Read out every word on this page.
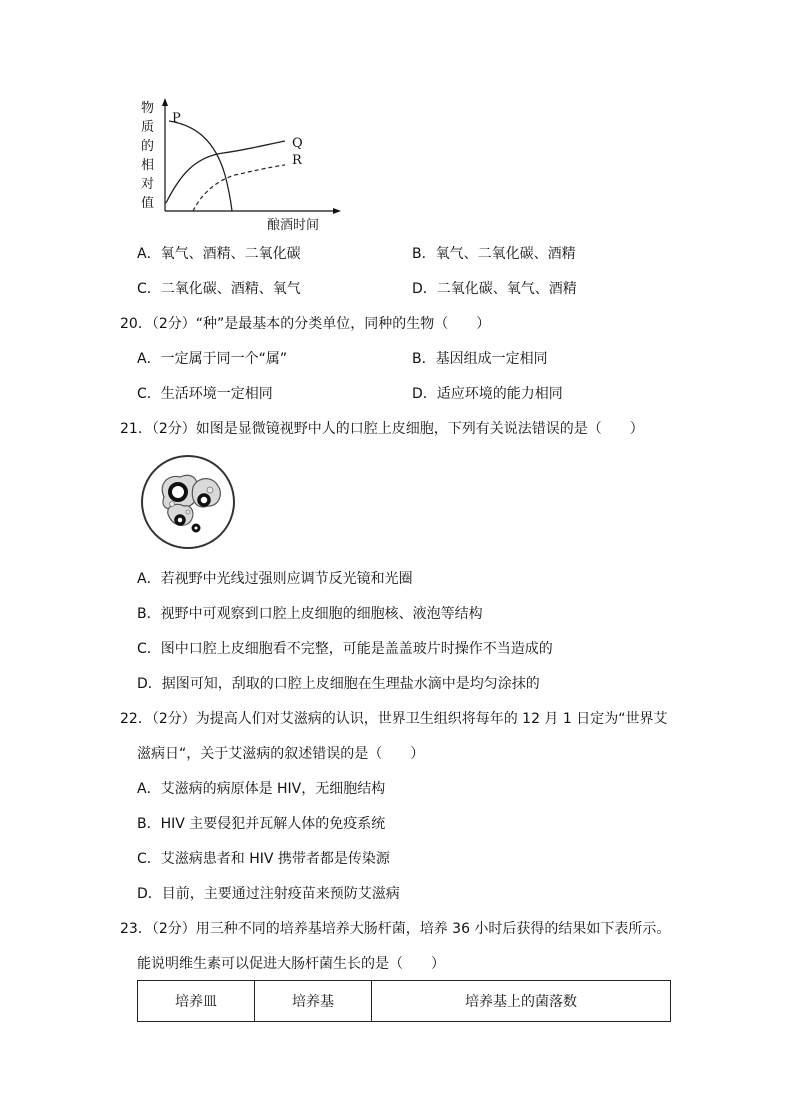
物
质
的
相
对
值
P
Q
R
酿酒时间
A．氧气、酒精、二氧化碳	B．氧气、二氧化碳、酒精
C．二氧化碳、酒精、氧气	D．二氧化碳、氧气、酒精
20．（2分）“种”是最基本的分类单位，同种的生物（　　）
A．一定属于同一个“属”	B．基因组成一定相同
C．生活环境一定相同	D．适应环境的能力相同
21．（2分）如图是显微镜视野中人的口腔上皮细胞，下列有关说法错误的是（　　）
A．若视野中光线过强则应调节反光镜和光圈
B．视野中可观察到口腔上皮细胞的细胞核、液泡等结构
C．图中口腔上皮细胞看不完整，可能是盖盖玻片时操作不当造成的
D．据图可知，刮取的口腔上皮细胞在生理盐水滴中是均匀涂抹的
22．（2分）为提高人们对艾滋病的认识，世界卫生组织将每年的 12 月 1 日定为“世界艾
滋病日“，关于艾滋病的叙述错误的是（　　）
A．艾滋病的病原体是 HIV，无细胞结构
B．HIV 主要侵犯并瓦解人体的免疫系统
C．艾滋病患者和 HIV 携带者都是传染源
D．目前，主要通过注射疫苗来预防艾滋病
23．（2分）用三种不同的培养基培养大肠杆菌，培养 36 小时后获得的结果如下表所示。
能说明维生素可以促进大肠杆菌生长的是（　　）
培养皿	培养基	培养基上的菌落数
